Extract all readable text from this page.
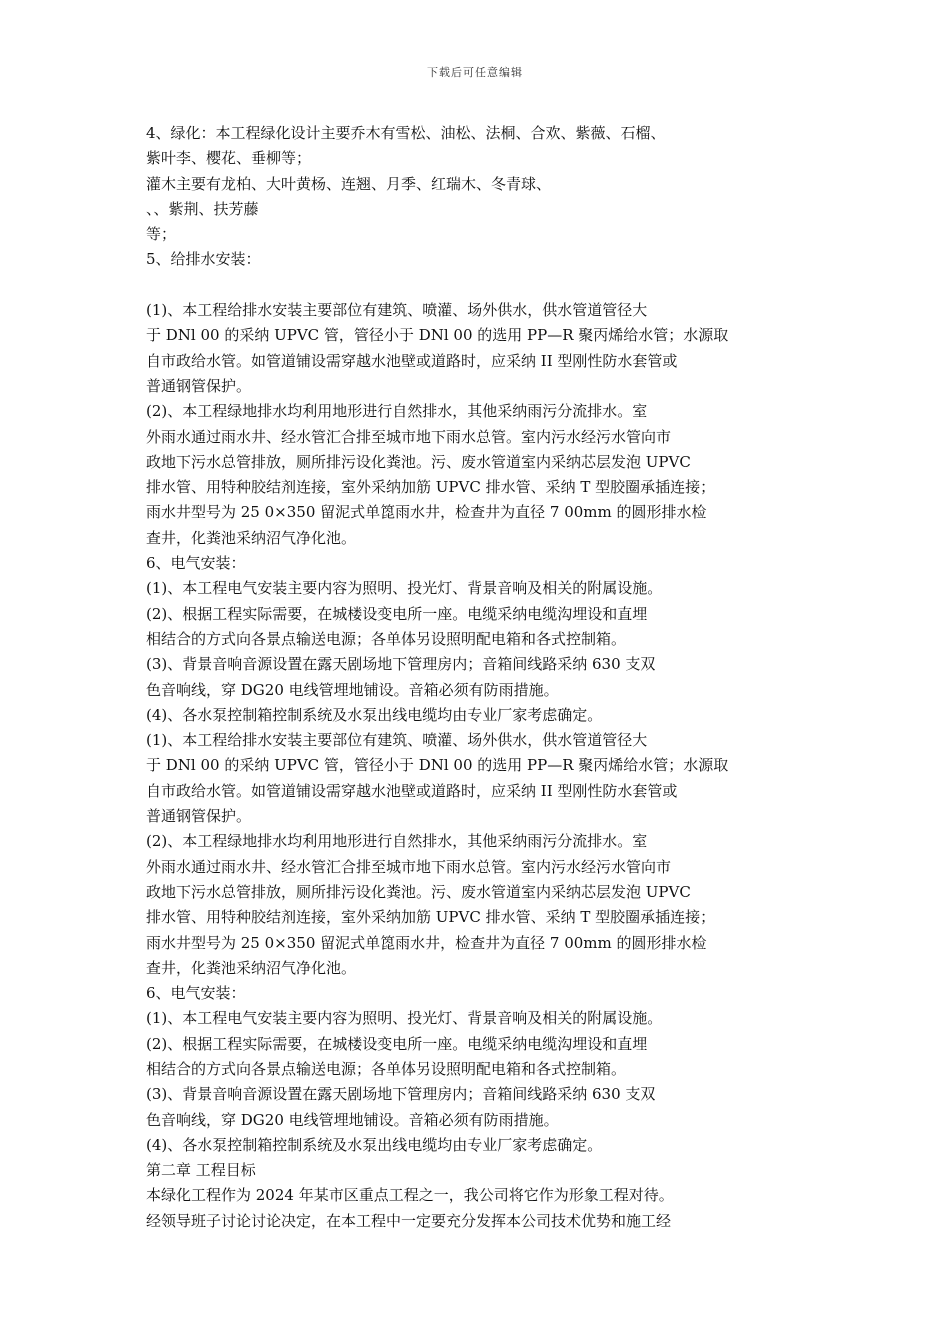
下载后可任意编辑
4、绿化：本工程绿化设计主要乔木有雪松、油松、法桐、合欢、紫薇、石榴、
紫叶李、樱花、垂柳等；
灌木主要有龙柏、大叶黄杨、连翘、月季、红瑞木、冬青球、
、、紫荆、扶芳藤
等；
5、给排水安装：
(1)、本工程给排水安装主要部位有建筑、喷灌、场外供水，供水管道管径大
于 DNl 00 的采纳 UPVC 管，管径小于 DNl 00 的选用 PP—R 聚丙烯给水管；水源取
自市政给水管。如管道铺设需穿越水池壁或道路时，应采纳 II 型刚性防水套管或
普通钢管保护。
(2)、本工程绿地排水均利用地形进行自然排水，其他采纳雨污分流排水。室
外雨水通过雨水井、经水管汇合排至城市地下雨水总管。室内污水经污水管向市
政地下污水总管排放，厕所排污设化粪池。污、废水管道室内采纳芯层发泡 UPVC
排水管、用特种胶结剂连接，室外采纳加筋 UPVC 排水管、采纳 T 型胶圈承插连接；
雨水井型号为 25 0×350 留泥式单箆雨水井，检查井为直径 7 00mm 的圆形排水检
查井，化粪池采纳沼气净化池。
6、电气安装：
(1)、本工程电气安装主要内容为照明、投光灯、背景音响及相关的附属设施。
(2)、根据工程实际需要，在城楼设变电所一座。电缆采纳电缆沟埋设和直埋
相结合的方式向各景点输送电源；各单体另设照明配电箱和各式控制箱。
(3)、背景音响音源设置在露天剧场地下管理房内；音箱间线路采纳 630 支双
色音响线，穿 DG20 电线管埋地铺设。音箱必须有防雨措施。
(4)、各水泵控制箱控制系统及水泵出线电缆均由专业厂家考虑确定。
(1)、本工程给排水安装主要部位有建筑、喷灌、场外供水，供水管道管径大
于 DNl 00 的采纳 UPVC 管，管径小于 DNl 00 的选用 PP—R 聚丙烯给水管；水源取
自市政给水管。如管道铺设需穿越水池壁或道路时，应采纳 II 型刚性防水套管或
普通钢管保护。
(2)、本工程绿地排水均利用地形进行自然排水，其他采纳雨污分流排水。室
外雨水通过雨水井、经水管汇合排至城市地下雨水总管。室内污水经污水管向市
政地下污水总管排放，厕所排污设化粪池。污、废水管道室内采纳芯层发泡 UPVC
排水管、用特种胶结剂连接，室外采纳加筋 UPVC 排水管、采纳 T 型胶圈承插连接；
雨水井型号为 25 0×350 留泥式单箆雨水井，检查井为直径 7 00mm 的圆形排水检
查井，化粪池采纳沼气净化池。
6、电气安装：
(1)、本工程电气安装主要内容为照明、投光灯、背景音响及相关的附属设施。
(2)、根据工程实际需要，在城楼设变电所一座。电缆采纳电缆沟埋设和直埋
相结合的方式向各景点输送电源；各单体另设照明配电箱和各式控制箱。
(3)、背景音响音源设置在露天剧场地下管理房内；音箱间线路采纳 630 支双
色音响线，穿 DG20 电线管埋地铺设。音箱必须有防雨措施。
(4)、各水泵控制箱控制系统及水泵出线电缆均由专业厂家考虑确定。
第二章 工程目标
本绿化工程作为 2024 年某市区重点工程之一，我公司将它作为形象工程对待。
经领导班子讨论讨论决定，在本工程中一定要充分发挥本公司技术优势和施工经
